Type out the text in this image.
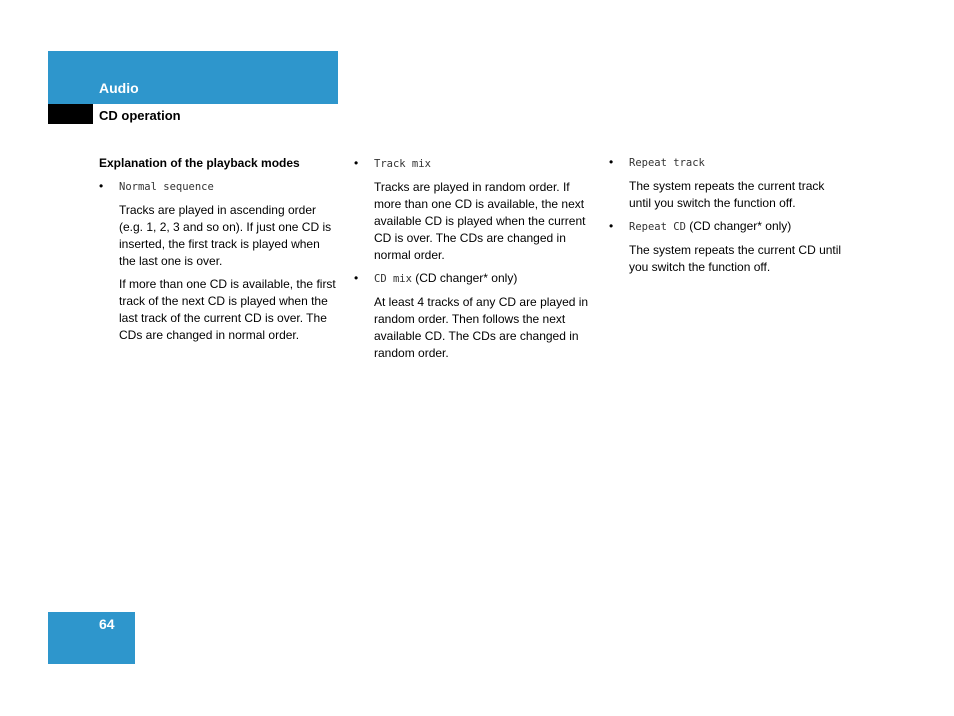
Audio
CD operation
Explanation of the playback modes
• Normal sequence
Tracks are played in ascending order (e.g. 1, 2, 3 and so on). If just one CD is inserted, the first track is played when the last one is over.
If more than one CD is available, the first track of the next CD is played when the last track of the current CD is over. The CDs are changed in normal order.
• Track mix
Tracks are played in random order. If more than one CD is available, the next available CD is played when the current CD is over. The CDs are changed in normal order.
• CD mix (CD changer* only)
At least 4 tracks of any CD are played in random order. Then follows the next available CD. The CDs are changed in random order.
• Repeat track
The system repeats the current track until you switch the function off.
• Repeat CD (CD changer* only)
The system repeats the current CD until you switch the function off.
64
